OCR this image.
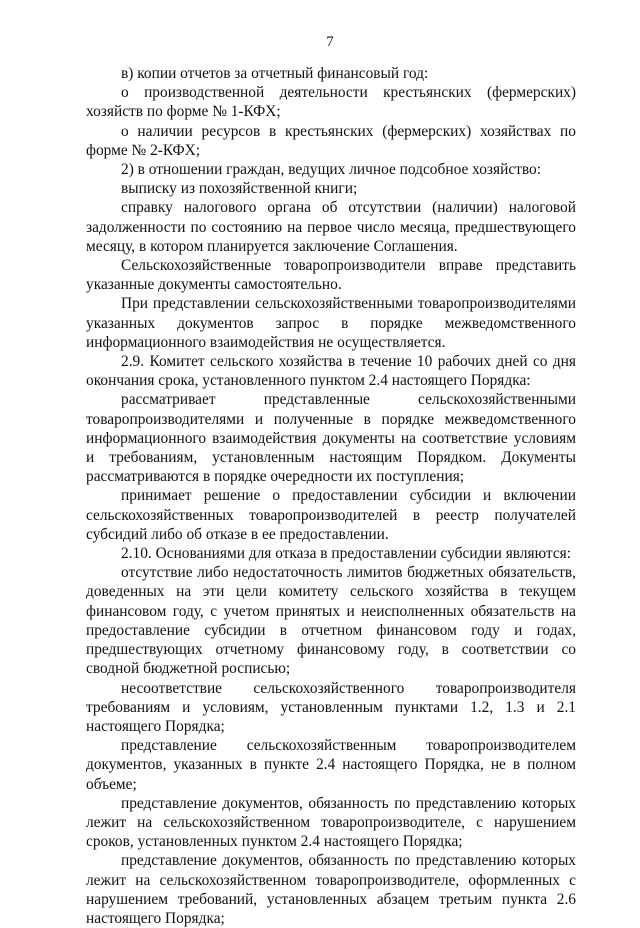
7

в) копии отчетов за отчетный финансовый год:

о производственной деятельности крестьянских (фермерских) хозяйств по форме № 1-КФХ;

о наличии ресурсов в крестьянских (фермерских) хозяйствах по форме № 2-КФХ;

2) в отношении граждан, ведущих личное подсобное хозяйство:

выписку из похозяйственной книги;

справку налогового органа об отсутствии (наличии) налоговой задолженности по состоянию на первое число месяца, предшествующего месяцу, в котором планируется заключение Соглашения.

Сельскохозяйственные товаропроизводители вправе представить указанные документы самостоятельно.

При представлении сельскохозяйственными товаропроизводителями указанных документов запрос в порядке межведомственного информационного взаимодействия не осуществляется.

2.9. Комитет сельского хозяйства в течение 10 рабочих дней со дня окончания срока, установленного пунктом 2.4 настоящего Порядка:

рассматривает представленные сельскохозяйственными товаропроизводителями и полученные в порядке межведомственного информационного взаимодействия документы на соответствие условиям и требованиям, установленным настоящим Порядком. Документы рассматриваются в порядке очередности их поступления;

принимает решение о предоставлении субсидии и включении сельскохозяйственных товаропроизводителей в реестр получателей субсидий либо об отказе в ее предоставлении.

2.10. Основаниями для отказа в предоставлении субсидии являются:

отсутствие либо недостаточность лимитов бюджетных обязательств, доведенных на эти цели комитету сельского хозяйства в текущем финансовом году, с учетом принятых и неисполненных обязательств на предоставление субсидии в отчетном финансовом году и годах, предшествующих отчетному финансовому году, в соответствии со сводной бюджетной росписью;

несоответствие сельскохозяйственного товаропроизводителя требованиям и условиям, установленным пунктами 1.2, 1.3 и 2.1 настоящего Порядка;

представление сельскохозяйственным товаропроизводителем документов, указанных в пункте 2.4 настоящего Порядка, не в полном объеме;

представление документов, обязанность по представлению которых лежит на сельскохозяйственном товаропроизводителе, с нарушением сроков, установленных пунктом 2.4 настоящего Порядка;

представление документов, обязанность по представлению которых лежит на сельскохозяйственном товаропроизводителе, оформленных с нарушением требований, установленных абзацем третьим пункта 2.6 настоящего Порядка;
